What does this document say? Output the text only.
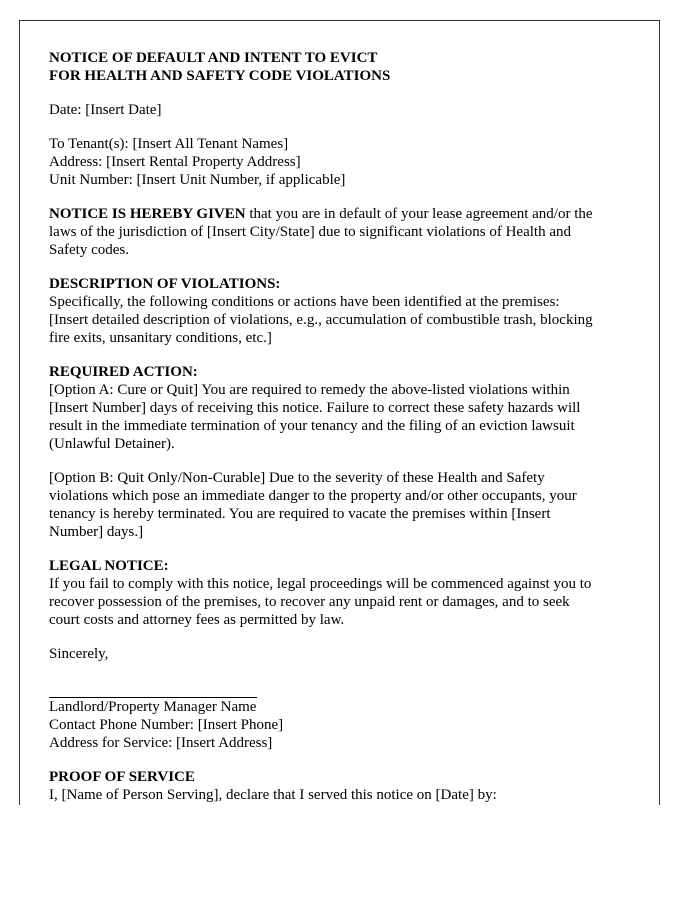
NOTICE OF DEFAULT AND INTENT TO EVICT
FOR HEALTH AND SAFETY CODE VIOLATIONS

Date: [Insert Date]

To Tenant(s): [Insert All Tenant Names]
Address: [Insert Rental Property Address]
Unit Number: [Insert Unit Number, if applicable]

NOTICE IS HEREBY GIVEN that you are in default of your lease agreement and/or the
laws of the jurisdiction of [Insert City/State] due to significant violations of Health and
Safety codes.

DESCRIPTION OF VIOLATIONS:
Specifically, the following conditions or actions have been identified at the premises:
[Insert detailed description of violations, e.g., accumulation of combustible trash, blocking
fire exits, unsanitary conditions, etc.]

REQUIRED ACTION:
[Option A: Cure or Quit] You are required to remedy the above-listed violations within
[Insert Number] days of receiving this notice. Failure to correct these safety hazards will
result in the immediate termination of your tenancy and the filing of an eviction lawsuit
(Unlawful Detainer).

[Option B: Quit Only/Non-Curable] Due to the severity of these Health and Safety
violations which pose an immediate danger to the property and/or other occupants, your
tenancy is hereby terminated. You are required to vacate the premises within [Insert
Number] days.]

LEGAL NOTICE:
If you fail to comply with this notice, legal proceedings will be commenced against you to
recover possession of the premises, to recover any unpaid rent or damages, and to seek
court costs and attorney fees as permitted by law.

Sincerely,

Landlord/Property Manager Name
Contact Phone Number: [Insert Phone]
Address for Service: [Insert Address]

PROOF OF SERVICE
I, [Name of Person Serving], declare that I served this notice on [Date] by:
